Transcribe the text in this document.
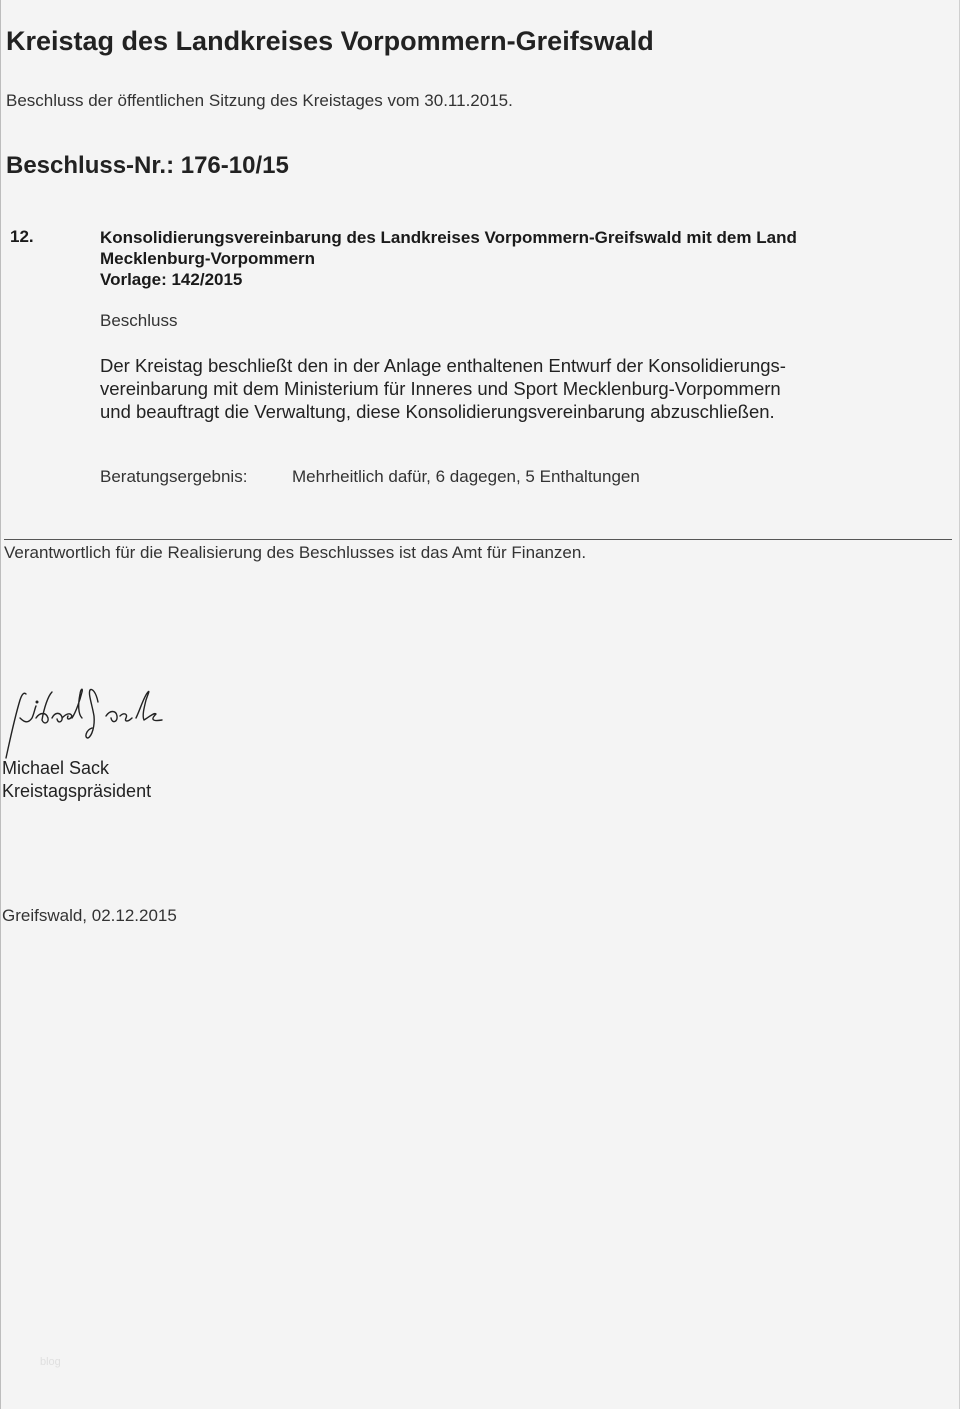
Kreistag des Landkreises Vorpommern-Greifswald
Beschluss der öffentlichen Sitzung des Kreistages vom 30.11.2015.
Beschluss-Nr.: 176-10/15
12.	Konsolidierungsvereinbarung des Landkreises Vorpommern-Greifswald mit dem Land
Mecklenburg-Vorpommern
Vorlage: 142/2015
Beschluss
Der Kreistag beschließt den in der Anlage enthaltenen Entwurf der Konsolidierungs-
vereinbarung mit dem Ministerium für Inneres und Sport Mecklenburg-Vorpommern
und beauftragt die Verwaltung, diese Konsolidierungsvereinbarung abzuschließen.
Beratungsergebnis:	Mehrheitlich dafür, 6 dagegen, 5 Enthaltungen
Verantwortlich für die Realisierung des Beschlusses ist das Amt für Finanzen.
Michael Sack
Kreistagspräsident
Greifswald, 02.12.2015
blog
